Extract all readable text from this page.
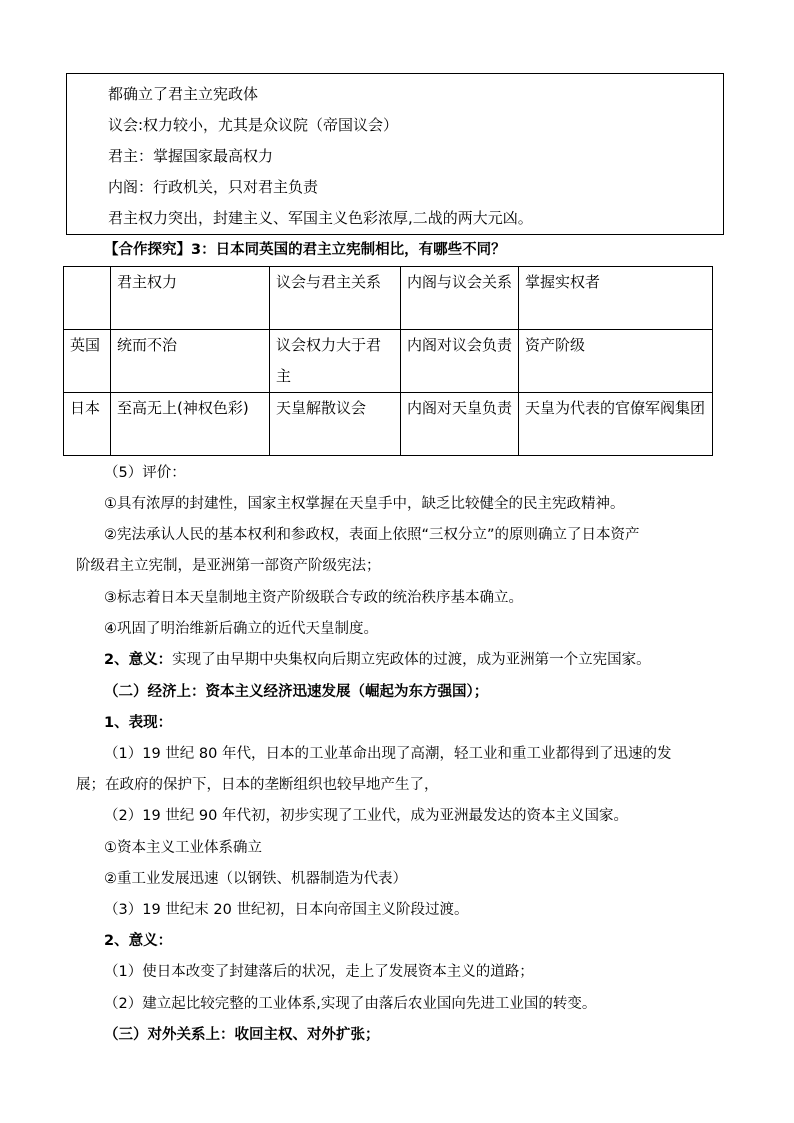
都确立了君主立宪政体
议会:权力较小，尤其是众议院（帝国议会）
君主：掌握国家最高权力
内阁：行政机关，只对君主负责
君主权力突出，封建主义、军国主义色彩浓厚,二战的两大元凶。
【合作探究】3：日本同英国的君主立宪制相比，有哪些不同？
	君主权力	议会与君主关系	内阁与议会关系	掌握实权者
英国	统而不治	议会权力大于君主	内阁对议会负责	资产阶级
日本	至高无上(神权色彩)	天皇解散议会	内阁对天皇负责	天皇为代表的官僚军阀集团
（5）评价：
①具有浓厚的封建性，国家主权掌握在天皇手中，缺乏比较健全的民主宪政精神。
②宪法承认人民的基本权利和参政权，表面上依照“三权分立”的原则确立了日本资产
阶级君主立宪制，是亚洲第一部资产阶级宪法；
③标志着日本天皇制地主资产阶级联合专政的统治秩序基本确立。
④巩固了明治维新后确立的近代天皇制度。
2、意义：实现了由早期中央集权向后期立宪政体的过渡，成为亚洲第一个立宪国家。
（二）经济上：资本主义经济迅速发展（崛起为东方强国）；
1、表现：
（1）19 世纪 80 年代，日本的工业革命出现了高潮，轻工业和重工业都得到了迅速的发
展；在政府的保护下，日本的垄断组织也较早地产生了，
（2）19 世纪 90 年代初，初步实现了工业代，成为亚洲最发达的资本主义国家。
①资本主义工业体系确立
②重工业发展迅速（以钢铁、机器制造为代表）
（3）19 世纪末 20 世纪初，日本向帝国主义阶段过渡。
2、意义：
（1）使日本改变了封建落后的状况，走上了发展资本主义的道路；
（2）建立起比较完整的工业体系,实现了由落后农业国向先进工业国的转变。
（三）对外关系上：收回主权、对外扩张；
